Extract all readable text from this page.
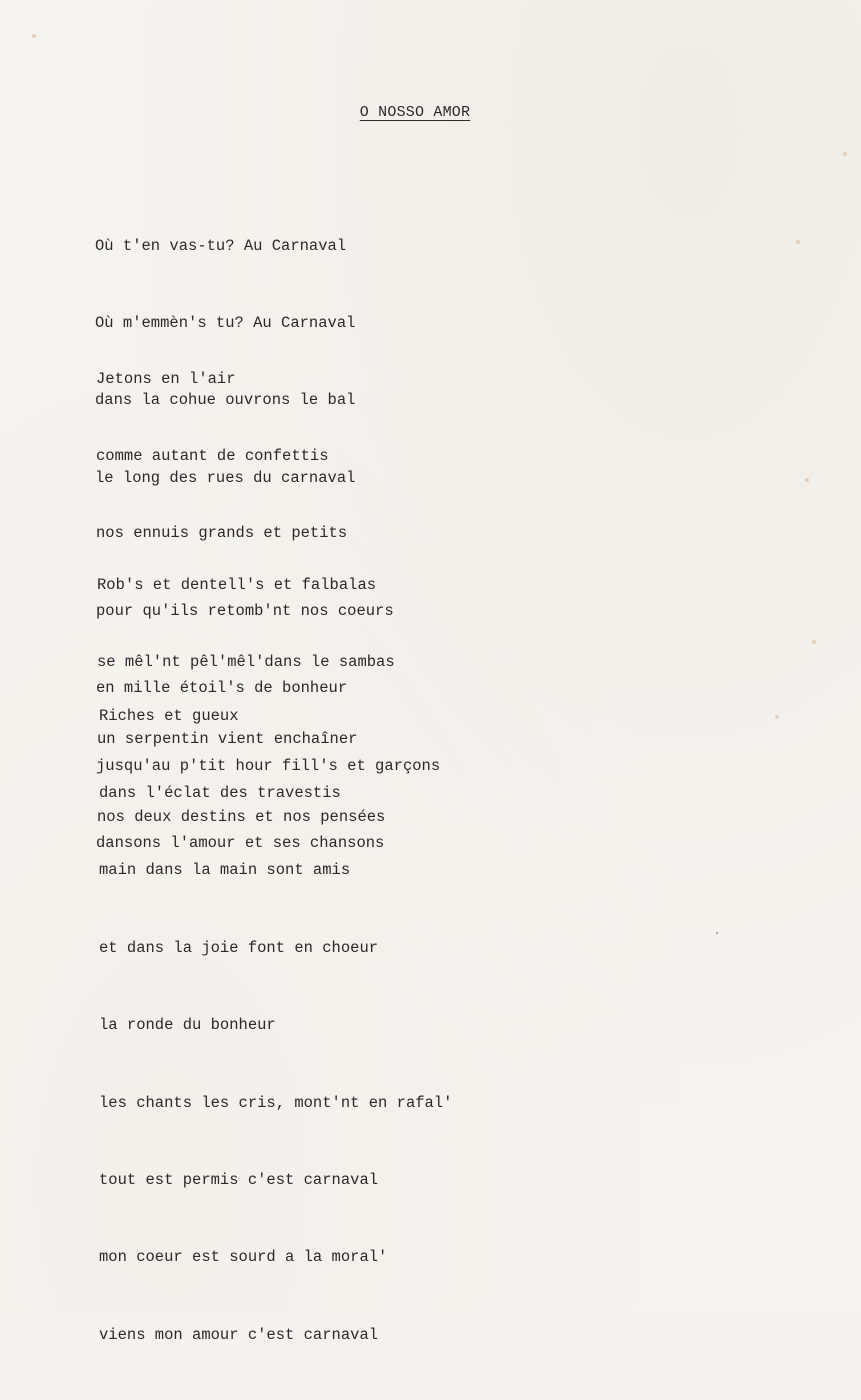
O NOSSO AMOR

Où t'en vas-tu? Au Carnaval

Où m'emmèn's tu? Au Carnaval

dans la cohue ouvrons le bal

le long des rues du carnaval

Jetons en l'air

comme autant de confettis

nos ennuis grands et petits

pour qu'ils retomb'nt nos coeurs

en mille étoil's de bonheur

jusqu'au p'tit hour fill's et garçons

dansons l'amour et ses chansons

Rob's et dentell's et falbalas

se mêl'nt pêl'mêl'dans le sambas

un serpentin vient enchaîner

nos deux destins et nos pensées

Riches et gueux

dans l'éclat des travestis

main dans la main sont amis

et dans la joie font en choeur

la ronde du bonheur

les chants les cris, mont'nt en rafal'

tout est permis c'est carnaval

mon coeur est sourd a la moral'

viens mon amour c'est carnaval
